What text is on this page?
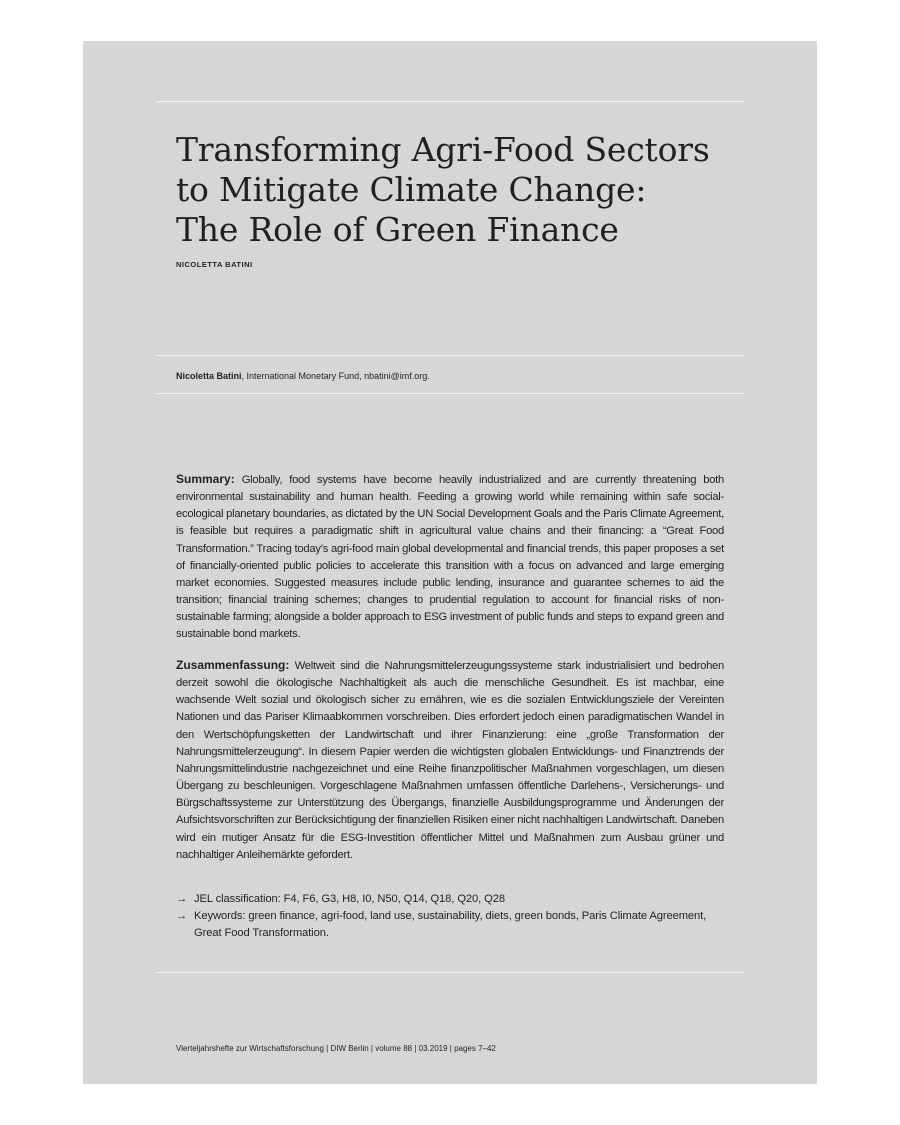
Transforming Agri-Food Sectors
to Mitigate Climate Change:
The Role of Green Finance
NICOLETTA BATINI
Nicoletta Batini, International Monetary Fund, nbatini@imf.org.

Summary: Globally, food systems have become heavily industrialized and are currently threatening both environmental sustainability and human health. Feeding a growing world while remaining within safe social-ecological planetary boundaries, as dictated by the UN Social Development Goals and the Paris Climate Agreement, is feasible but requires a paradigmatic shift in agricultural value chains and their financing: a “Great Food Transformation.” Tracing today’s agri-food main global developmental and financial trends, this paper proposes a set of financially-oriented public policies to accelerate this transition with a focus on advanced and large emerging market economies. Suggested measures include public lending, insurance and guarantee schemes to aid the transition; financial training schemes; changes to prudential regulation to account for financial risks of non-sustainable farming; alongside a bolder approach to ESG investment of public funds and steps to expand green and sustainable bond markets.

Zusammenfassung: Weltweit sind die Nahrungsmittelerzeugungssysteme stark industrialisiert und bedrohen derzeit sowohl die ökologische Nachhaltigkeit als auch die menschliche Gesundheit. Es ist machbar, eine wachsende Welt sozial und ökologisch sicher zu ernähren, wie es die sozialen Entwicklungsziele der Vereinten Nationen und das Pariser Klimaabkommen vorschreiben. Dies erfordert jedoch einen paradigmatischen Wandel in den Wertschöpfungsketten der Landwirtschaft und ihrer Finanzierung: eine „große Transformation der Nahrungsmittelerzeugung“. In diesem Papier werden die wichtigsten globalen Entwicklungs- und Finanztrends der Nahrungsmittelindustrie nachgezeichnet und eine Reihe finanzpolitischer Maßnahmen vorgeschlagen, um diesen Übergang zu beschleunigen. Vorgeschlagene Maßnahmen umfassen öffentliche Darlehens-, Versicherungs- und Bürgschaftssysteme zur Unterstützung des Übergangs, finanzielle Ausbildungsprogramme und Änderungen der Aufsichtsvorschriften zur Berücksichtigung der finanziellen Risiken einer nicht nachhaltigen Landwirtschaft. Daneben wird ein mutiger Ansatz für die ESG-Investition öffentlicher Mittel und Maßnahmen zum Ausbau grüner und nachhaltiger Anleihemärkte gefordert.

→ JEL classification: F4, F6, G3, H8, I0, N50, Q14, Q18, Q20, Q28
→ Keywords: green finance, agri-food, land use, sustainability, diets, green bonds, Paris Climate Agreement, Great Food Transformation.
Vierteljahrshefte zur Wirtschaftsforschung | DIW Berlin | volume 88 | 03.2019 | pages 7–42
